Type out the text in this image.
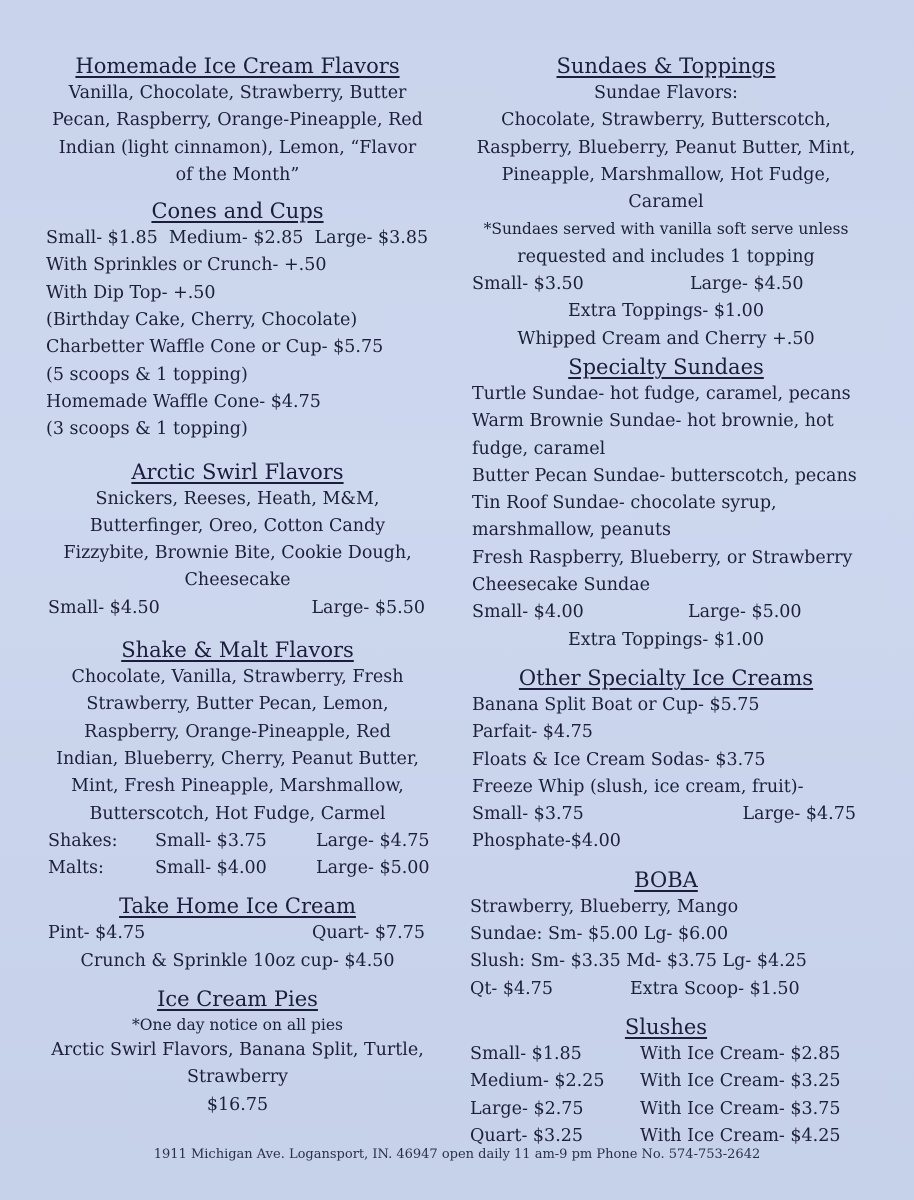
Homemade Ice Cream Flavors
Vanilla, Chocolate, Strawberry, Butter
Pecan, Raspberry, Orange-Pineapple, Red
Indian (light cinnamon), Lemon, “Flavor
of the Month”
Cones and Cups
Small- $1.85  Medium- $2.85  Large- $3.85
With Sprinkles or Crunch- +.50
With Dip Top- +.50
(Birthday Cake, Cherry, Chocolate)
Charbetter Waffle Cone or Cup- $5.75
(5 scoops & 1 topping)
Homemade Waffle Cone- $4.75
(3 scoops & 1 topping)
Arctic Swirl Flavors
Snickers, Reeses, Heath, M&M,
Butterfinger, Oreo, Cotton Candy
Fizzybite, Brownie Bite, Cookie Dough,
Cheesecake
Small- $4.50	Large- $5.50
Shake & Malt Flavors
Chocolate, Vanilla, Strawberry, Fresh
Strawberry, Butter Pecan, Lemon,
Raspberry, Orange-Pineapple, Red
Indian, Blueberry, Cherry, Peanut Butter,
Mint, Fresh Pineapple, Marshmallow,
Butterscotch, Hot Fudge, Carmel
Shakes:	Small- $3.75	Large- $4.75
Malts:	Small- $4.00	Large- $5.00
Take Home Ice Cream
Pint- $4.75	Quart- $7.75
Crunch & Sprinkle 10oz cup- $4.50
Ice Cream Pies
*One day notice on all pies
Arctic Swirl Flavors, Banana Split, Turtle,
Strawberry
$16.75
Sundaes & Toppings
Sundae Flavors:
Chocolate, Strawberry, Butterscotch,
Raspberry, Blueberry, Peanut Butter, Mint,
Pineapple, Marshmallow, Hot Fudge,
Caramel
*Sundaes served with vanilla soft serve unless
requested and includes 1 topping
Small- $3.50	Large- $4.50
Extra Toppings- $1.00
Whipped Cream and Cherry +.50
Specialty Sundaes
Turtle Sundae- hot fudge, caramel, pecans
Warm Brownie Sundae- hot brownie, hot
fudge, caramel
Butter Pecan Sundae- butterscotch, pecans
Tin Roof Sundae- chocolate syrup,
marshmallow, peanuts
Fresh Raspberry, Blueberry, or Strawberry
Cheesecake Sundae
Small- $4.00	Large- $5.00
Extra Toppings- $1.00
Other Specialty Ice Creams
Banana Split Boat or Cup- $5.75
Parfait- $4.75
Floats & Ice Cream Sodas- $3.75
Freeze Whip (slush, ice cream, fruit)-
Small- $3.75	Large- $4.75
Phosphate-$4.00
BOBA
Strawberry, Blueberry, Mango
Sundae: Sm- $5.00 Lg- $6.00
Slush: Sm- $3.35 Md- $3.75 Lg- $4.25
Qt- $4.75	Extra Scoop- $1.50
Slushes
Small- $1.85	With Ice Cream- $2.85
Medium- $2.25	With Ice Cream- $3.25
Large- $2.75	With Ice Cream- $3.75
Quart- $3.25	With Ice Cream- $4.25
1911 Michigan Ave. Logansport, IN. 46947 open daily 11 am-9 pm Phone No. 574-753-2642
